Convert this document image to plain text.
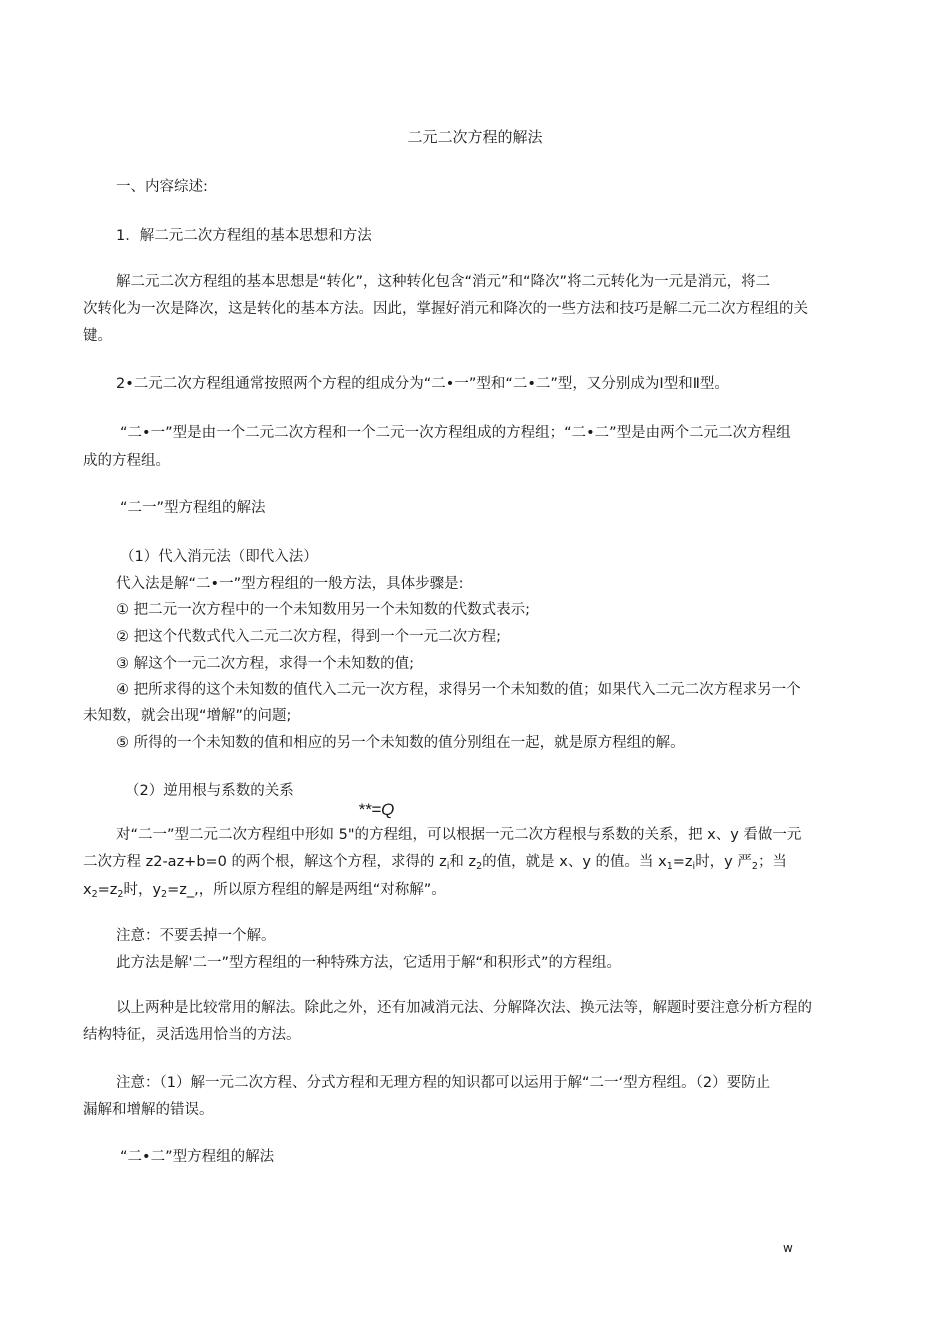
二元二次方程的解法
一、内容综述:
1．解二元二次方程组的基本思想和方法
解二元二次方程组的基本思想是“转化”，这种转化包含“消元”和“降次”将二元转化为一元是消元，将二
次转化为一次是降次，这是转化的基本方法。因此，掌握好消元和降次的一些方法和技巧是解二元二次方程组的关
键。
2•二元二次方程组通常按照两个方程的组成分为“二•一”型和“二•二”型，又分别成为Ⅰ型和Ⅱ型。
“二•一”型是由一个二元二次方程和一个二元一次方程组成的方程组；“二•二”型是由两个二元二次方程组
成的方程组。
“二一”型方程组的解法
（1）代入消元法（即代入法）
代入法是解“二•一”型方程组的一般方法，具体步骤是:
① 把二元一次方程中的一个未知数用另一个未知数的代数式表示;
② 把这个代数式代入二元二次方程，得到一个一元二次方程;
③ 解这个一元二次方程，求得一个未知数的值;
④ 把所求得的这个未知数的值代入二元一次方程，求得另一个未知数的值；如果代入二元二次方程求另一个
未知数，就会出现“增解”的问题;
⑤ 所得的一个未知数的值和相应的另一个未知数的值分别组在一起，就是原方程组的解。
（2）逆用根与系数的关系
**=Q
对“二一”型二元二次方程组中形如 5"的方程组，可以根据一元二次方程根与系数的关系，把 x、y 看做一元
二次方程 z2-az+b=0 的两个根，解这个方程，求得的 $z_i$和 $z_2$的值，就是 x、y 的值。当 $x_1=z_i$时，y 严$_2$；当
$x_2=z_2$时，$y_2=z\_$,，所以原方程组的解是两组“对称解”。
注意：不要丢掉一个解。
此方法是解'二一”型方程组的一种特殊方法，它适用于解“和积形式”的方程组。
以上两种是比较常用的解法。除此之外，还有加减消元法、分解降次法、换元法等，解题时要注意分析方程的
结构特征，灵活选用恰当的方法。
注意：（1）解一元二次方程、分式方程和无理方程的知识都可以运用于解“二一‘型方程组。（2）要防止
漏解和增解的错误。
“二•二”型方程组的解法
w
